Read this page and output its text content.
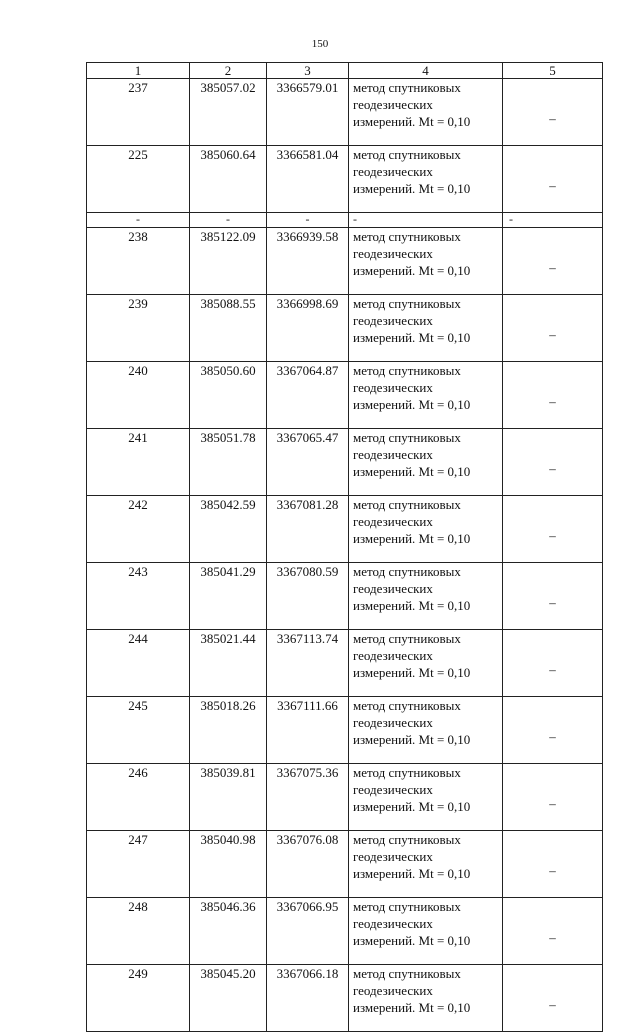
150
1	2	3	4	5
237	385057.02	3366579.01	метод спутниковых
геодезических
измерений. Mt = 0,10	–
225	385060.64	3366581.04	метод спутниковых
геодезических
измерений. Mt = 0,10	–
-	-	-	-	-
238	385122.09	3366939.58	метод спутниковых
геодезических
измерений. Mt = 0,10	–
239	385088.55	3366998.69	метод спутниковых
геодезических
измерений. Mt = 0,10	–
240	385050.60	3367064.87	метод спутниковых
геодезических
измерений. Mt = 0,10	–
241	385051.78	3367065.47	метод спутниковых
геодезических
измерений. Mt = 0,10	–
242	385042.59	3367081.28	метод спутниковых
геодезических
измерений. Mt = 0,10	–
243	385041.29	3367080.59	метод спутниковых
геодезических
измерений. Mt = 0,10	–
244	385021.44	3367113.74	метод спутниковых
геодезических
измерений. Mt = 0,10	–
245	385018.26	3367111.66	метод спутниковых
геодезических
измерений. Mt = 0,10	–
246	385039.81	3367075.36	метод спутниковых
геодезических
измерений. Mt = 0,10	–
247	385040.98	3367076.08	метод спутниковых
геодезических
измерений. Mt = 0,10	–
248	385046.36	3367066.95	метод спутниковых
геодезических
измерений. Mt = 0,10	–
249	385045.20	3367066.18	метод спутниковых
геодезических
измерений. Mt = 0,10	–
